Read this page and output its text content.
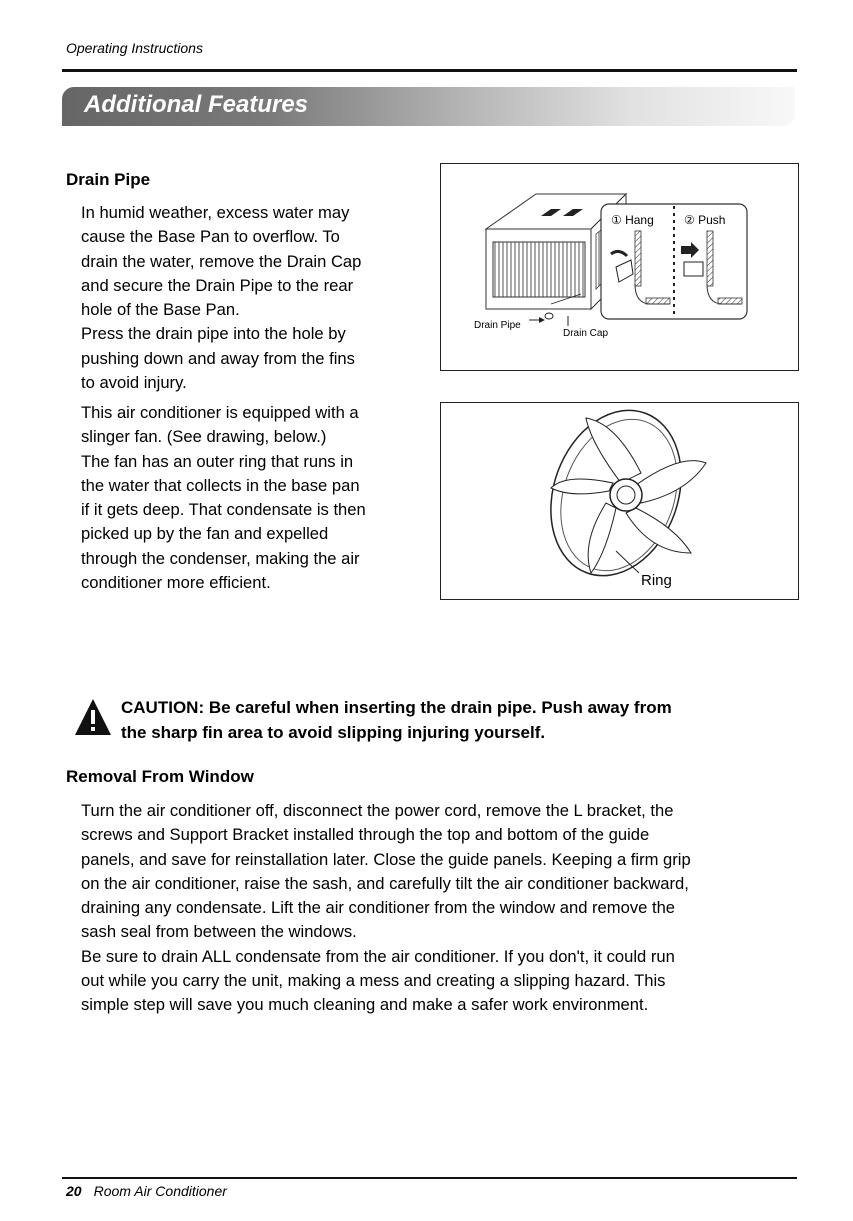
Operating Instructions
Additional Features
Drain Pipe
In humid weather, excess water may
cause the Base Pan to overflow. To
drain the water, remove the Drain Cap
and secure the Drain Pipe to the rear
hole of the Base Pan.
Press the drain pipe into the hole by
pushing down and away from the fins
to avoid injury.
This air conditioner is equipped with a
slinger fan. (See drawing, below.)
The fan has an outer ring that runs in
the water that collects in the base pan
if it gets deep. That condensate is then
picked up by the fan and expelled
through the condenser, making the air
conditioner more efficient.
Drain Pipe
Drain Cap
① Hang	② Push
Ring
CAUTION: Be careful when inserting the drain pipe. Push away from
the sharp fin area to avoid slipping injuring yourself.
Removal From Window
Turn the air conditioner off, disconnect the power cord, remove the L bracket, the
screws and Support Bracket installed through the top and bottom of the guide
panels, and save for reinstallation later. Close the guide panels. Keeping a firm grip
on the air conditioner, raise the sash, and carefully tilt the air conditioner backward,
draining any condensate. Lift the air conditioner from the window and remove the
sash seal from between the windows.
Be sure to drain ALL condensate from the air conditioner. If you don't, it could run
out while you carry the unit, making a mess and creating a slipping hazard. This
simple step will save you much cleaning and make a safer work environment.
20 Room Air Conditioner
